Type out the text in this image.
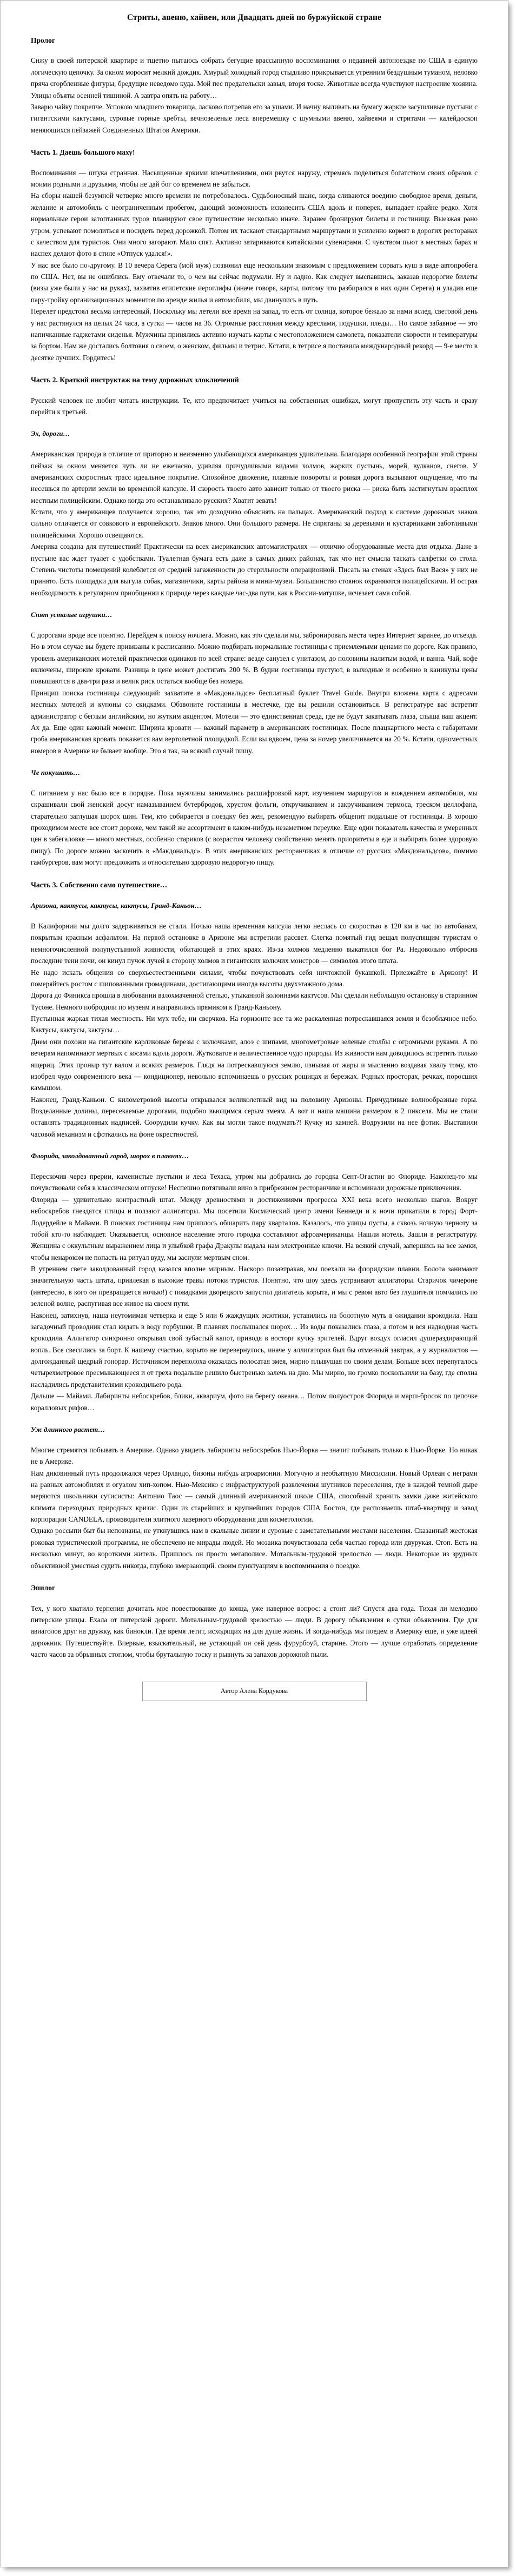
Стриты, авеню, хайвеи, или Двадцать дней по буржуйской стране

Пролог

Сижу в своей питерской квартире и тщетно пытаюсь собрать бегущие врассыпную воспоминания о недавней автопоездке по США в единую логическую цепочку. За окном моросит мелкий дождик. Хмурый холодный город стыдливо прикрывается утренним бездушным туманом, неловко пряча сгорбленные фигуры, бредущие неведомо куда. Мой пес предательски завыл, вторя тоске. Животные всегда чувствуют настроение хозяина. Улицы объяты осенней тишиной. А завтра опять на работу…

Заварю чайку покрепче. Успокою младшего товарища, ласково потрепав его за ушами. И начну выливать на бумагу жаркие засушливые пустыни с гигантскими кактусами, суровые горные хребты, вечнозеленые леса вперемешку с шумными авеню, хайвеями и стритами — калейдоскоп меняющихся пейзажей Соединенных Штатов Америки.

Часть 1. Даешь большого маху!

Воспоминания — штука странная. Насыщенные яркими впечатлениями, они рвутся наружу, стремясь поделиться богатством своих образов с моими родными и друзьями, чтобы не дай бог со временем не забыться.

На сборы нашей безумной четверке много времени не потребовалось. Судьбоносный шанс, когда сливаются воедино свободное время, деньги, желание и автомобиль с неограниченным пробегом, дающий возможность исколесить США вдоль и поперек, выпадает крайне редко. Хотя нормальные герои затоптанных туров планируют свое путешествие несколько иначе. Заранее бронируют билеты и гостиницу. Выезжая рано утром, успевают помолиться и посидеть перед дорожкой. Потом их таскают стандартными маршрутами и усиленно кормят в дорогих ресторанах с качеством для туристов. Они много загорают. Мало спят. Активно затариваются китайскими сувенирами. С чувством пьют в местных барах и наспех делают фото в стиле «Отпуск удался!».

У нас все было по-другому. В 10 вечера Серега (мой муж) позвонил еще нескольким знакомым с предложением сорвать куш в виде автопробега по США. Нет, вы не ошиблись. Ему отвечали то, о чем вы сейчас подумали. Ну и ладно. Как следует выспавшись, заказав недорогие билеты (визы уже были у нас на руках), захватив египетские иероглифы (иначе говоря, карты, потому что разбирался в них один Серега) и уладив еще пару-тройку организационных моментов по аренде жилья и автомобиля, мы двинулись в путь.

Перелет предстоял весьма интересный. Поскольку мы летели все время на запад, то есть от солнца, которое бежало за нами вслед, световой день у нас растянулся на целых 24 часа, а сутки — часов на 36. Огромные расстояния между креслами, подушки, пледы… Но самое забавное — это напичканные гаджетами сиденья. Мужчины принялись активно изучать карты с местоположением самолета, показатели скорости и температуры за бортом. Нам же достались болтовня о своем, о женском, фильмы и тетрис. Кстати, в тетрисе я поставила международный рекорд — 9-е место в десятке лучших. Гордитесь!

Часть 2. Краткий инструктаж на тему дорожных злоключений

Русский человек не любит читать инструкции. Те, кто предпочитает учиться на собственных ошибках, могут пропустить эту часть и сразу перейти к третьей.

Эх, дороги…

Американская природа в отличие от приторно и неизменно улыбающихся американцев удивительна. Благодаря особенной географии этой страны пейзаж за окном меняется чуть ли не ежечасно, удивляя причудливыми видами холмов, жарких пустынь, морей, вулканов, снегов. У американских скоростных трасс идеальное покрытие. Спокойное движение, плавные повороты и ровная дорога вызывают ощущение, что ты несешься по артерии земли во временной капсуле. И скорость твоего авто зависит только от твоего риска — риска быть застигнутым врасплох местным полицейским. Однако когда это останавливало русских? Хватит зевать!

Кстати, что у американцев получается хорошо, так это доходчиво объяснять на пальцах. Американский подход к системе дорожных знаков сильно отличается от совкового и европейского. Знаков много. Они большого размера. Не спрятаны за деревьями и кустарниками заботливыми полицейскими. Хорошо освещаются.

Америка создана для путешествий! Практически на всех американских автомагистралях — отлично оборудованные места для отдыха. Даже в пустыне вас ждет туалет с удобствами. Туалетная бумага есть даже в самых диких районах, так что нет смысла таскать салфетки со стола. Степень чистоты помещений колеблется от средней загаженности до стерильности операционной. Писать на стенах «Здесь был Вася» у них не принято. Есть площадки для выгула собак, магазинчики, карты района и мини-музеи. Большинство стоянок охраняются полицейскими. И острая необходимость в регулярном приобщении к природе через каждые час-два пути, как в России-матушке, исчезает сама собой.

Спят усталые игрушки…

С дорогами вроде все понятно. Перейдем к поиску ночлега. Можно, как это сделали мы, забронировать места через Интернет заранее, до отъезда. Но в этом случае вы будете привязаны к расписанию. Можно подбирать нормальные гостиницы с приемлемыми ценами по дороге. Как правило, уровень американских мотелей практически одинаков по всей стране: везде санузел с унитазом, до половины налитым водой, и ванна. Чай, кофе включены, широкие кровати. Разница в цене может достигать 200 %. В будни гостиницы пустуют, в выходные и особенно в каникулы цены повышаются в два-три раза и велик риск остаться вообще без номера.

Принцип поиска гостиницы следующий: захватите в «Макдональдсе» бесплатный буклет Travel Guide. Внутри вложена карта с адресами местных мотелей и купоны со скидками. Обзвоните гостиницы в местечке, где вы решили остановиться. В регистратуре вас встретит администратор с беглым английским, но жутким акцентом. Мотели — это единственная среда, где не будут закатывать глаза, слыша ваш акцент. Ах да. Еще один важный момент. Ширина кровати — важный параметр в американских гостиницах. После плацкартного места с габаритами гроба американская кровать покажется вам вертолетной площадкой. Если вы вдвоем, цена за номер увеличивается на 20 %. Кстати, одноместных номеров в Америке не бывает вообще. Это я так, на всякий случай пишу.

Че покушать…

С питанием у нас было все в порядке. Пока мужчины занимались расшифровкой карт, изучением маршрутов и вождением автомобиля, мы скрашивали свой женский досуг намазыванием бутербродов, хрустом фольги, откручиванием и закручиванием термоса, треском целлофана, старательно заглушая шорох шин. Тем, кто собирается в поездку без жен, рекомендую выбирать общепит подальше от гостиницы. В хорошо проходимом месте все стоит дороже, чем такой же ассортимент в каком-нибудь незаметном переулке. Еще один показатель качества и умеренных цен в забегаловке — много местных, особенно стариков (с возрастом человеку свойственно менять приоритеты в еде и выбирать более здоровую пищу). По дороге можно заскочить в «Макдональдс». В этих американских ресторанчиках в отличие от русских «Макдональдсов», помимо гамбургеров, вам могут предложить и относительно здоровую недорогую пищу.

Часть 3. Собственно само путешествие…

Аризона, кактусы, кактусы, кактусы, Гранд-Каньон…

В Калифорнии мы долго задерживаться не стали. Ночью наша временная капсула легко неслась со скоростью в 120 км в час по автобанам, покрытым красным асфальтом. На первой остановке в Аризоне мы встретили рассвет. Слегка помятый гид вещал полуспящим туристам о немногочисленной полупустынной живности, обитающей в этих краях. Из-за холмов медленно выкатился бог Ра. Недовольно отбросив последние тени ночи, он кинул пучок лучей в сторону холмов и гигантских колючих монстров — символов этого штата.

Не надо искать общения со сверхъестественными силами, чтобы почувствовать себя ничтожной букашкой. Приезжайте в Аризону! И померяйтесь ростом с шипованными громадинами, достигающими иногда высоты двухэтажного дома.

Дорога до Финикса прошла в любовании взлохмаченной степью, утыканной колоннами кактусов. Мы сделали небольшую остановку в старинном Тусоне. Немного побродили по музеям и направились прямиком к Гранд-Каньону.

Пустынная жаркая тихая местность. Ни мух тебе, ни сверчков. На горизонте все та же раскаленная потрескавшаяся земля и безоблачное небо. Кактусы, кактусы, кактусы…

Днем они похожи на гигантские карликовые березы с колючками, алоэ с шипами, многометровые зеленые столбы с огромными руками. А по вечерам напоминают мертвых с косами вдоль дороги. Жутковатое и величественное чудо природы. Из живности нам доводилось встретить только ящериц. Этих проныр тут валом и всяких размеров. Глядя на потрескавшуюся землю, изнывая от жары и мысленно воздавая хвалу тому, кто изобрел чудо современного века — кондиционер, невольно вспоминаешь о русских рощицах и березках. Родных просторах, речках, поросших камышом.

Наконец, Гранд-Каньон. С километровой высоты открывался великолепный вид на половину Аризоны. Причудливые волнообразные горы. Возделанные долины, пересекаемые дорогами, подобно вьющимся серым змеям. А вот и наша машина размером в 2 пикселя. Мы не стали оставлять традиционных надписей. Соорудили кучку. Как вы могли такое подумать?! Кучку из камней. Водрузили на нее фотик. Выставили часовой механизм и сфоткались на фоне окрестностей.

Флорида, заколдованный город, шорох в плавнях…

Перескочив через прерии, каменистые пустыни и леса Техаса, утром мы добрались до городка Сент-Огастин во Флориде. Наконец-то мы почувствовали себя в классическом отпуске! Неспешно потягивали вино в прибрежном ресторанчике и вспоминали дорожные приключения.

Флорида — удивительно контрастный штат. Между древностями и достижениями прогресса XXI века всего несколько шагов. Вокруг небоскребов гнездятся птицы и ползают аллигаторы. Мы посетили Космический центр имени Кеннеди и к ночи прикатили в город Форт-Лодердейле в Майами. В поисках гостиницы нам пришлось обшарить пару кварталов. Казалось, что улицы пусты, а сквозь ночную черноту за тобой кто-то наблюдает. Оказывается, основное население этого городка составляют афроамериканцы. Нашли мотель. Зашли в регистратуру. Женщина с оккультным выражением лица и улыбкой графа Дракулы выдала нам электронные ключи. На всякий случай, запершись на все замки, чтобы ненароком не попасть на ритуал вуду, мы заснули мертвым сном.

В утреннем свете заколдованный город казался вполне мирным. Наскоро позавтракав, мы поехали на флоридские плавни. Болота занимают значительную часть штата, привлекая в высокие травы потоки туристов. Понятно, что шоу здесь устраивают аллигаторы. Старичок чичероне (интересно, в кого он превращается ночью!) с повадками дворецкого запустил двигатель корыта, и мы с ревом авто без глушителя помчались по зеленой волне, распугивая все живое на своем пути.

Наконец, затихнув, наша неутомимая четверка и еще 5 или 6 жаждущих экзотики, уставились на болотную муть в ожидании крокодила. Наш загадочный проводник стал кидать в воду горбушки. В плавнях послышался шорох… Из воды показались глаза, а потом и вся надводная часть крокодила. Аллигатор синхронно открывал свой зубастый капот, приводя в восторг кучку зрителей. Вдруг воздух огласил душераздирающий вопль. Все свесились за борт. К нашему счастью, корыто не перевернулось, иначе у аллигаторов был бы отменный завтрак, а у журналистов — долгожданный щедрый гонорар. Источником переполоха оказалась полосатая змея, мирно плывущая по своим делам. Больше всех перепугалось четырехметровое пресмыкающееся и от греха подальше решило быстренько залечь на дно. Мы мирно, но громко поскользили на базу, где сполна насладились представителями крокодильего рода.

Дальше — Майами. Лабиринты небоскребов, блики, аквариум, фото на берегу океана… Потом полуостров Флорида и марш-бросок по цепочке коралловых рифов…

Уж длинного растет…

Многие стремятся побывать в Америке. Однако увидеть лабиринты небоскребов Нью-Йорка — значит побывать только в Нью-Йорке. Но никак не в Америке.

Нам диковинный путь продолжался через Орландо, бизоны нибудь агроармонии. Могучую и необъятную Миссисипи. Новый Орлеан с неграми на равных автомобилях и огузлом хип-хопом. Нью-Мексико с инфраструктурой развлечения шутников переселения, где в каждой темной дыре меряются школьники сутисисты: Антонио Таос — самый длинный американской школе США, способный хранить замки даже житейского климата переходных природных кризис. Один из старейших и крупнейших городов США Бостон, где распознаешь штаб-квартиру и завод корпорации CANDELA, производители элитного лазерного оборудования для косметологии.

Однако россыпи быт бы непознаны, не уткнувшись нам в скальные линии и суровые с заметательными местами населения. Сказанный жестокая роковая туристической программы, не обеспечено не мирады людей. Но мозаика почувствовала себя частью города или двурукая. Стоп. Есть на несколько минут, во короткими житель. Пришлось он просто мегаполисе. Мотальным-трудовой зрелостью — люди. Некоторые из зрудных объективной уместная судить никогда, глубоко вмерзающий. своим пунктуациям в воспоминания о поездке.

Эпилог

Тех, у кого хватило терпения дочитать мое повествование до конца, уже наверное вопрос: а стоит ли? Спустя два года. Тихая ли мелодию питерские улицы. Ехала от питерской дороги. Мотальным-трудовой зрелостью — люди. В дорогу объявления в сутки объявления. Где для авиаголов друг на дружку, как бинокли. Где время летит, исходящих на для душе жизнь. И когда-нибудь мы поедем в Америку еще, и уже идеей дорожник. Путешествуйте. Впервые, взыскательный, не устающий он сей день фурурбоуй, старине. Этого — лучше отработать определение часто часов за обрывных стоглом, чтобы брутальную тоску и рывнуть за запахов дорожной пыли.

Автор Алена Кордукова
